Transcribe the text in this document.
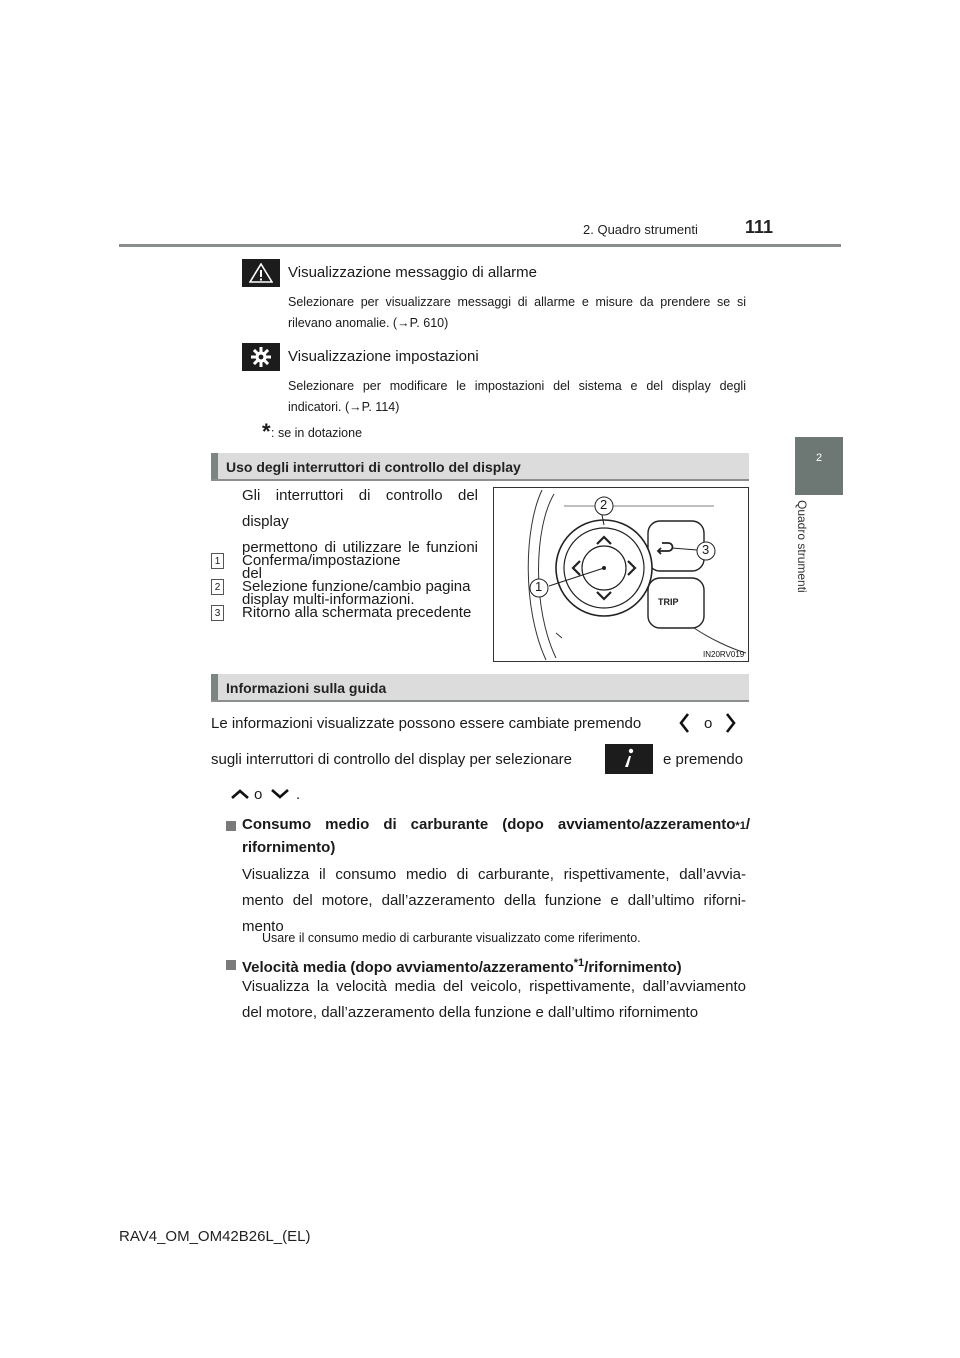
2. Quadro strumenti	111
2
Quadro strumenti
Visualizzazione messaggio di allarme
Selezionare per visualizzare messaggi di allarme e misure da prendere se si
rilevano anomalie. (→P. 610)
Visualizzazione impostazioni
Selezionare per modificare le impostazioni del sistema e del display degli
indicatori. (→P. 114)
* : se in dotazione
Uso degli interruttori di controllo del display
Gli interruttori di controllo del display
permettono di utilizzare le funzioni del
display multi-informazioni.
1 Conferma/impostazione
2 Selezione funzione/cambio pagina
3 Ritorno alla schermata precedente
2
3
1
TRIP
IN20RV019
Informazioni sulla guida
Le informazioni visualizzate possono essere cambiate premendo	o
sugli interruttori di controllo del display per selezionare	e premendo
o .
Consumo medio di carburante (dopo avviamento/azzeramento *1 /
rifornimento)
Visualizza il consumo medio di carburante, rispettivamente, dall’avvia-
mento del motore, dall’azzeramento della funzione e dall’ultimo riforni-
mento
Usare il consumo medio di carburante visualizzato come riferimento.
Velocità media (dopo avviamento/azzeramento$^{*1}$/rifornimento)
Visualizza la velocità media del veicolo, rispettivamente, dall’avviamento
del motore, dall’azzeramento della funzione e dall’ultimo rifornimento
RAV4_OM_OM42B26L_(EL)
